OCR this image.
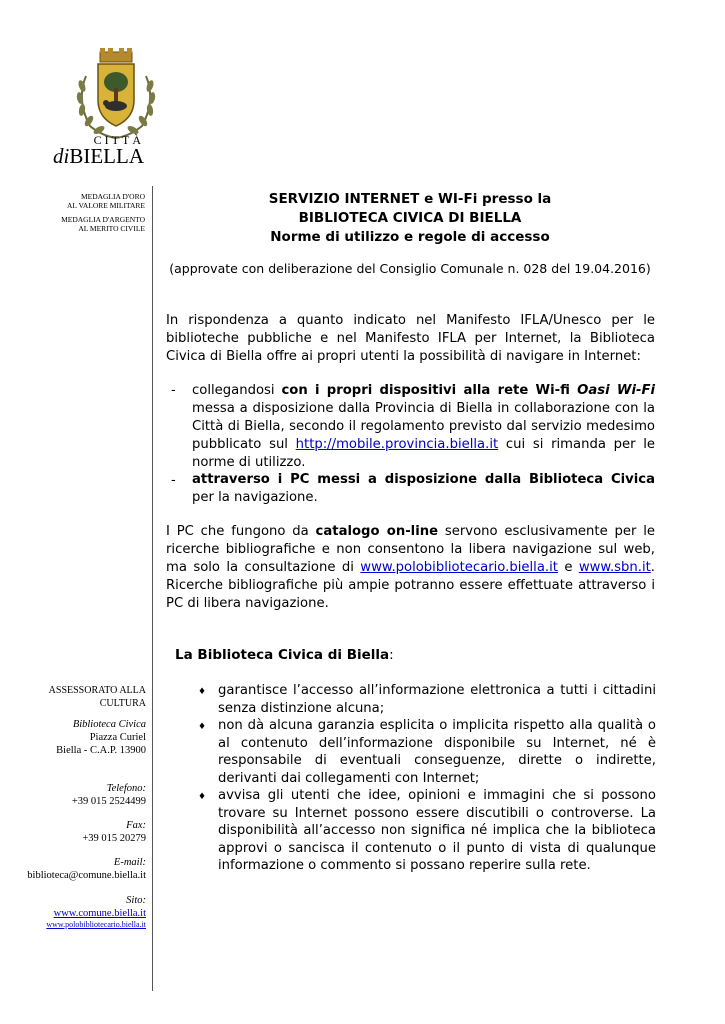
CITTÀ
diBIELLA
MEDAGLIA D'ORO
AL VALORE MILITARE
MEDAGLIA D'ARGENTO
AL MERITO CIVILE
SERVIZIO INTERNET e WI-Fi presso la
BIBLIOTECA CIVICA DI BIELLA
Norme di utilizzo e regole di accesso
(approvate con deliberazione del Consiglio Comunale n. 028 del 19.04.2016)
In rispondenza a quanto indicato nel Manifesto IFLA/Unesco per le biblioteche pubbliche e nel Manifesto IFLA per Internet, la Biblioteca Civica di Biella offre ai propri utenti la possibilità di navigare in Internet:
-	collegandosi con i propri dispositivi alla rete Wi-fi Oasi Wi-Fi messa a disposizione dalla Provincia di Biella in collaborazione con la Città di Biella, secondo il regolamento previsto dal servizio medesimo pubblicato sul http://mobile.provincia.biella.it cui si rimanda per le norme di utilizzo.
-	attraverso i PC messi a disposizione dalla Biblioteca Civica per la navigazione.
I PC che fungono da catalogo on-line servono esclusivamente per le ricerche bibliografiche e non consentono la libera navigazione sul web, ma solo la consultazione di www.polobibliotecario.biella.it e www.sbn.it. Ricerche bibliografiche più ampie potranno essere effettuate attraverso i PC di libera navigazione.
La Biblioteca Civica di Biella:
♦ garantisce l’accesso all’informazione elettronica a tutti i cittadini senza distinzione alcuna;
♦ non dà alcuna garanzia esplicita o implicita rispetto alla qualità o al contenuto dell’informazione disponibile su Internet, né è responsabile di eventuali conseguenze, dirette o indirette, derivanti dai collegamenti con Internet;
♦ avvisa gli utenti che idee, opinioni e immagini che si possono trovare su Internet possono essere discutibili o controverse. La disponibilità all’accesso non significa né implica che la biblioteca approvi o sancisca il contenuto o il punto di vista di qualunque informazione o commento si possano reperire sulla rete.
ASSESSORATO ALLA
CULTURA
Biblioteca Civica
Piazza Curiel
Biella - C.A.P. 13900
Telefono:
+39 015 2524499
Fax:
+39 015 20279
E-mail:
biblioteca@comune.biella.it
Sito:
www.comune.biella.it
www.polobibliotecario.biella.it
